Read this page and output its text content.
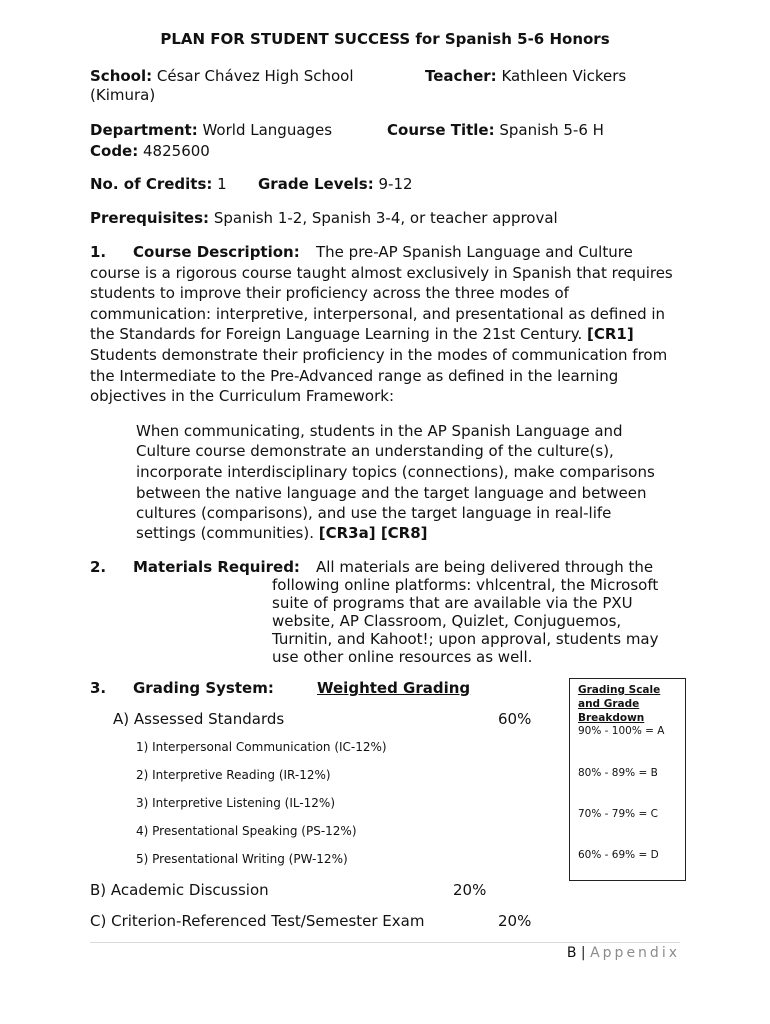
PLAN FOR STUDENT SUCCESS for Spanish 5-6 Honors
School: César Chávez High School	Teacher: Kathleen Vickers
(Kimura)
Department: World Languages	Course Title: Spanish 5-6 H
Code: 4825600
No. of Credits: 1 Grade Levels: 9-12
Prerequisites: Spanish 1-2, Spanish 3-4, or teacher approval
1. Course Description: The pre-AP Spanish Language and Culture
course is a rigorous course taught almost exclusively in Spanish that requires
students to improve their proficiency across the three modes of
communication: interpretive, interpersonal, and presentational as defined in
the Standards for Foreign Language Learning in the 21st Century. [CR1]
Students demonstrate their proficiency in the modes of communication from
the Intermediate to the Pre-Advanced range as defined in the learning
objectives in the Curriculum Framework:
When communicating, students in the AP Spanish Language and
Culture course demonstrate an understanding of the culture(s),
incorporate interdisciplinary topics (connections), make comparisons
between the native language and the target language and between
cultures (comparisons), and use the target language in real-life
settings (communities). [CR3a] [CR8]
2. Materials Required: All materials are being delivered through the
following online platforms: vhlcentral, the Microsoft
suite of programs that are available via the PXU
website, AP Classroom, Quizlet, Conjuguemos,
Turnitin, and Kahoot!; upon approval, students may
use other online resources as well.
3. Grading System:	Weighted Grading
A) Assessed Standards	60%
1) Interpersonal Communication (IC-12%)
2) Interpretive Reading (IR-12%)
3) Interpretive Listening (IL-12%)
4) Presentational Speaking (PS-12%)
5) Presentational Writing (PW-12%)
B) Academic Discussion	20%
C) Criterion-Referenced Test/Semester Exam	20%
Grading Scale
and Grade
Breakdown
90% - 100% = A
80% - 89% = B
70% - 79% = C
60% - 69% = D
B | Appendix
